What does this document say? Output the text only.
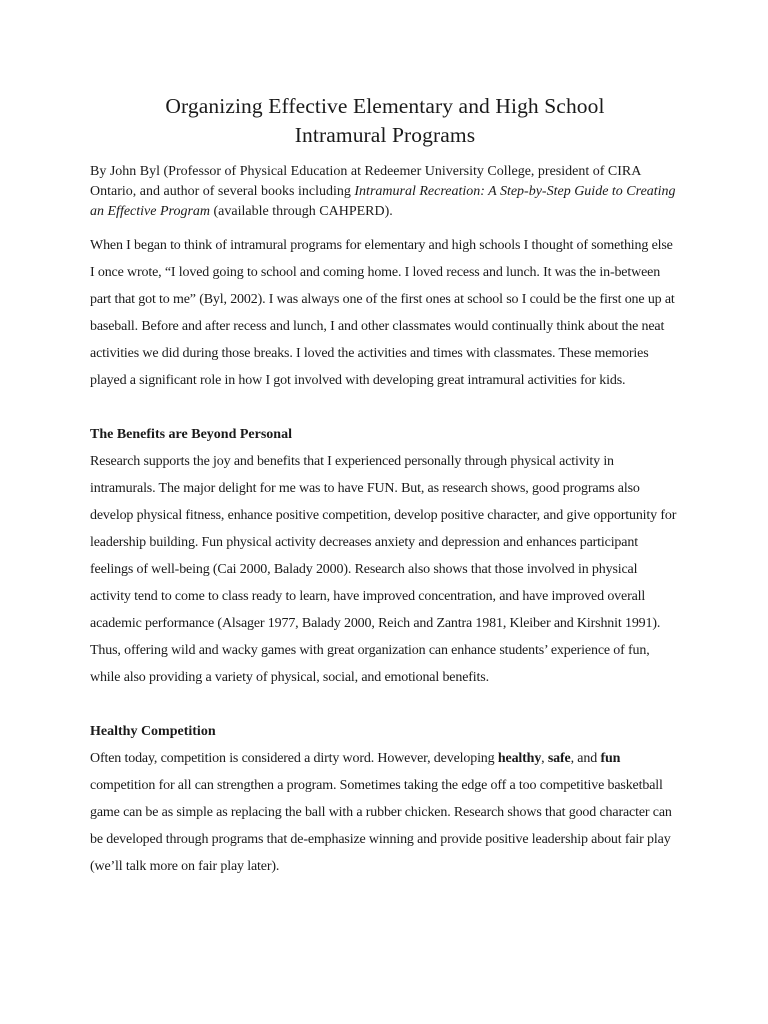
Organizing Effective Elementary and High School
Intramural Programs

By John Byl (Professor of Physical Education at Redeemer University College, president of CIRA Ontario, and author of several books including Intramural Recreation: A Step-by-Step Guide to Creating an Effective Program (available through CAHPERD).

When I began to think of intramural programs for elementary and high schools I thought of something else I once wrote, “I loved going to school and coming home. I loved recess and lunch. It was the in-between part that got to me” (Byl, 2002). I was always one of the first ones at school so I could be the first one up at baseball. Before and after recess and lunch, I and other classmates would continually think about the neat activities we did during those breaks. I loved the activities and times with classmates. These memories played a significant role in how I got involved with developing great intramural activities for kids.

The Benefits are Beyond Personal

Research supports the joy and benefits that I experienced personally through physical activity in intramurals. The major delight for me was to have FUN. But, as research shows, good programs also develop physical fitness, enhance positive competition, develop positive character, and give opportunity for leadership building. Fun physical activity decreases anxiety and depression and enhances participant feelings of well-being (Cai 2000, Balady 2000). Research also shows that those involved in physical activity tend to come to class ready to learn, have improved concentration, and have improved overall academic performance (Alsager 1977, Balady 2000, Reich and Zantra 1981, Kleiber and Kirshnit 1991). Thus, offering wild and wacky games with great organization can enhance students’ experience of fun, while also providing a variety of physical, social, and emotional benefits.

Healthy Competition

Often today, competition is considered a dirty word. However, developing healthy, safe, and fun competition for all can strengthen a program. Sometimes taking the edge off a too competitive basketball game can be as simple as replacing the ball with a rubber chicken. Research shows that good character can be developed through programs that de-emphasize winning and provide positive leadership about fair play (we’ll talk more on fair play later).
